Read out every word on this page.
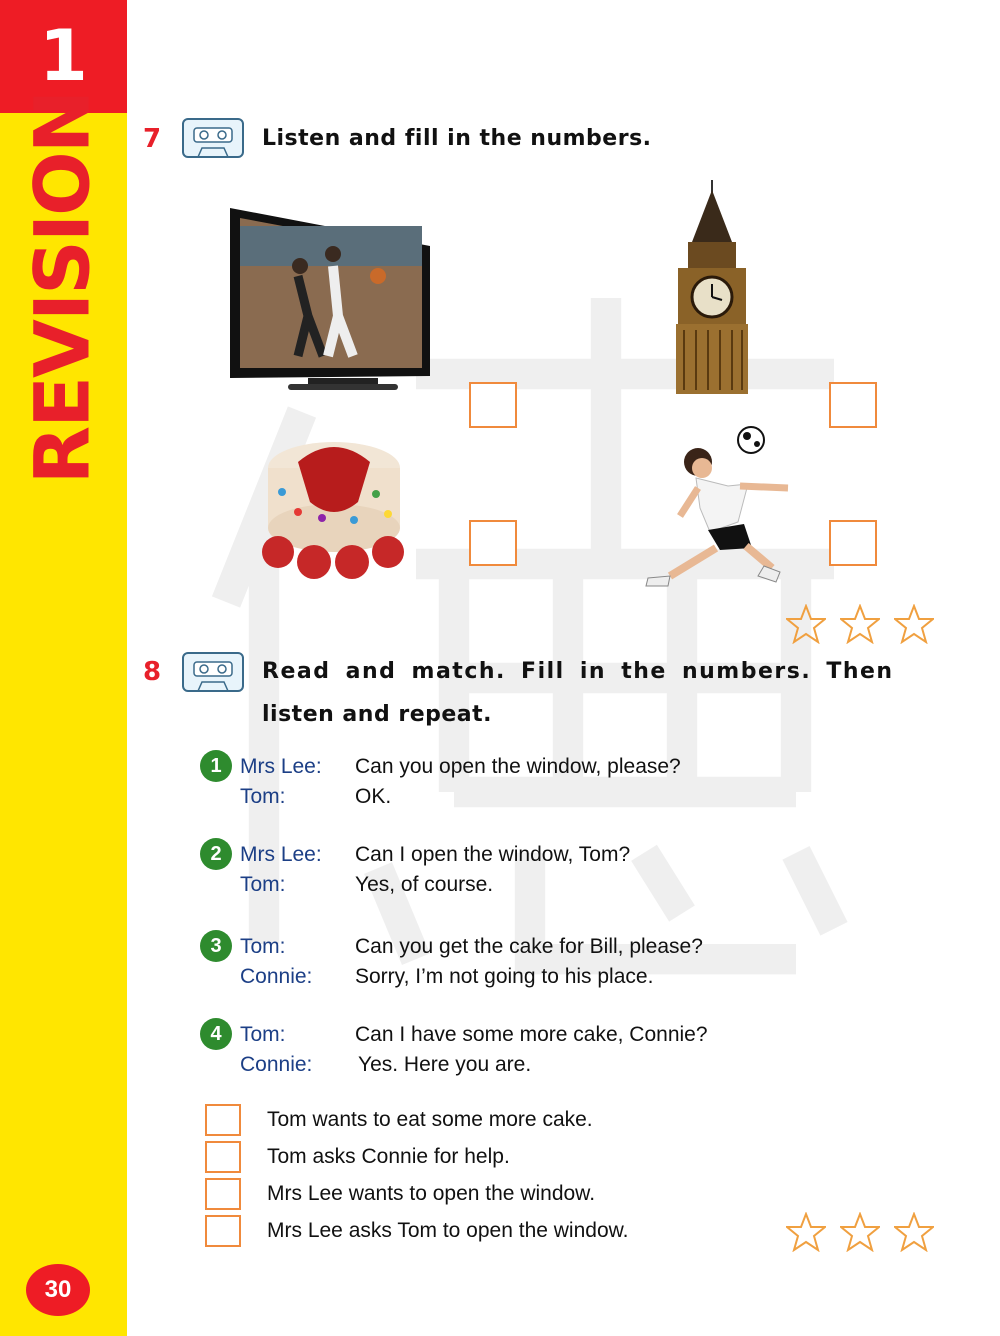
1
REVISION
30
7	Listen and fill in the numbers.
8	Read and match. Fill in the numbers. Then
listen and repeat.
1 Mrs Lee:	Can you open the window, please?
Tom:	OK.
2 Mrs Lee:	Can I open the window, Tom?
Tom:	Yes, of course.
3 Tom:	Can you get the cake for Bill, please?
Connie:	Sorry, I’m not going to his place.
4 Tom:	Can I have some more cake, Connie?
Connie:	Yes. Here you are.
Tom wants to eat some more cake.
Tom asks Connie for help.
Mrs Lee wants to open the window.
Mrs Lee asks Tom to open the window.
